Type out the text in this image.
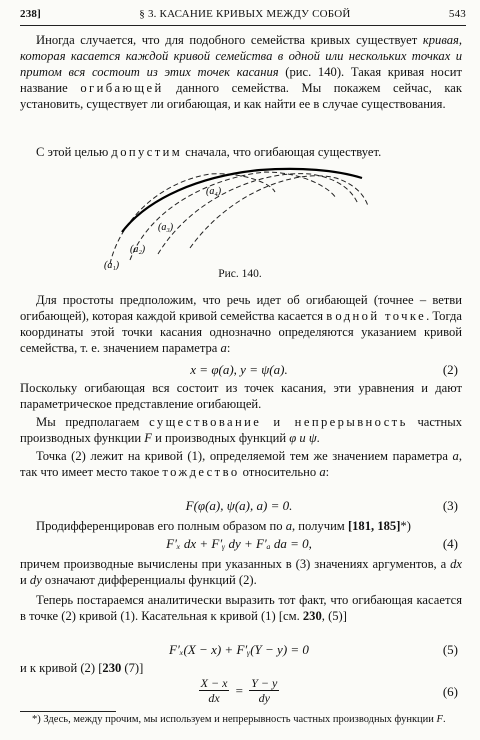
238]	§ 3. КАСАНИЕ КРИВЫХ МЕЖДУ СОБОЙ	543

Иногда случается, что для подобного семейства кривых существует кривая, которая касается каждой кривой семейства в одной или нескольких точках и притом вся состоит из этих точек касания (рис. 140). Такая кривая носит название огибающей данного семейства. Мы покажем сейчас, как установить, существует ли огибающая, и как найти ее в случае существования.

С этой целью допустим сначала, что огибающая существует.

(a₁)
(a₂)
(a₃)
(a₄)
Рис. 140.

Для простоты предположим, что речь идет об огибающей (точнее – ветви огибающей), которая каждой кривой семейства касается в одной точке. Тогда координаты этой точки касания однозначно определяются указанием кривой семейства, т. е. значением параметра a:

x = φ(a), y = ψ(a).	(2)

Поскольку огибающая вся состоит из точек касания, эти уравнения и дают параметрическое представление огибающей.

Мы предполагаем существование и непрерывность частных производных функции F и производных функций φ и ψ.

Точка (2) лежит на кривой (1), определяемой тем же значением параметра a, так что имеет место такое тождество относительно a:

F(φ(a), ψ(a), a) = 0.	(3)

Продифференцировав его полным образом по a, получим [181, 185]*)

F′ₓ dx + F′ᵧ dy + F′ₐ da = 0,	(4)

причем производные вычислены при указанных в (3) значениях аргументов, а dx и dy означают дифференциалы функций (2).

Теперь постараемся аналитически выразить тот факт, что огибающая касается в точке (2) кривой (1). Касательная к кривой (1) [см. 230, (5)]

F′ₓ(X − x) + F′ᵧ(Y − y) = 0	(5)

и к кривой (2) [230 (7)]

$\frac{X - x}{dx} = \frac{Y - y}{dy}$	(6)

*) Здесь, между прочим, мы используем и непрерывность частных производных функции F.
